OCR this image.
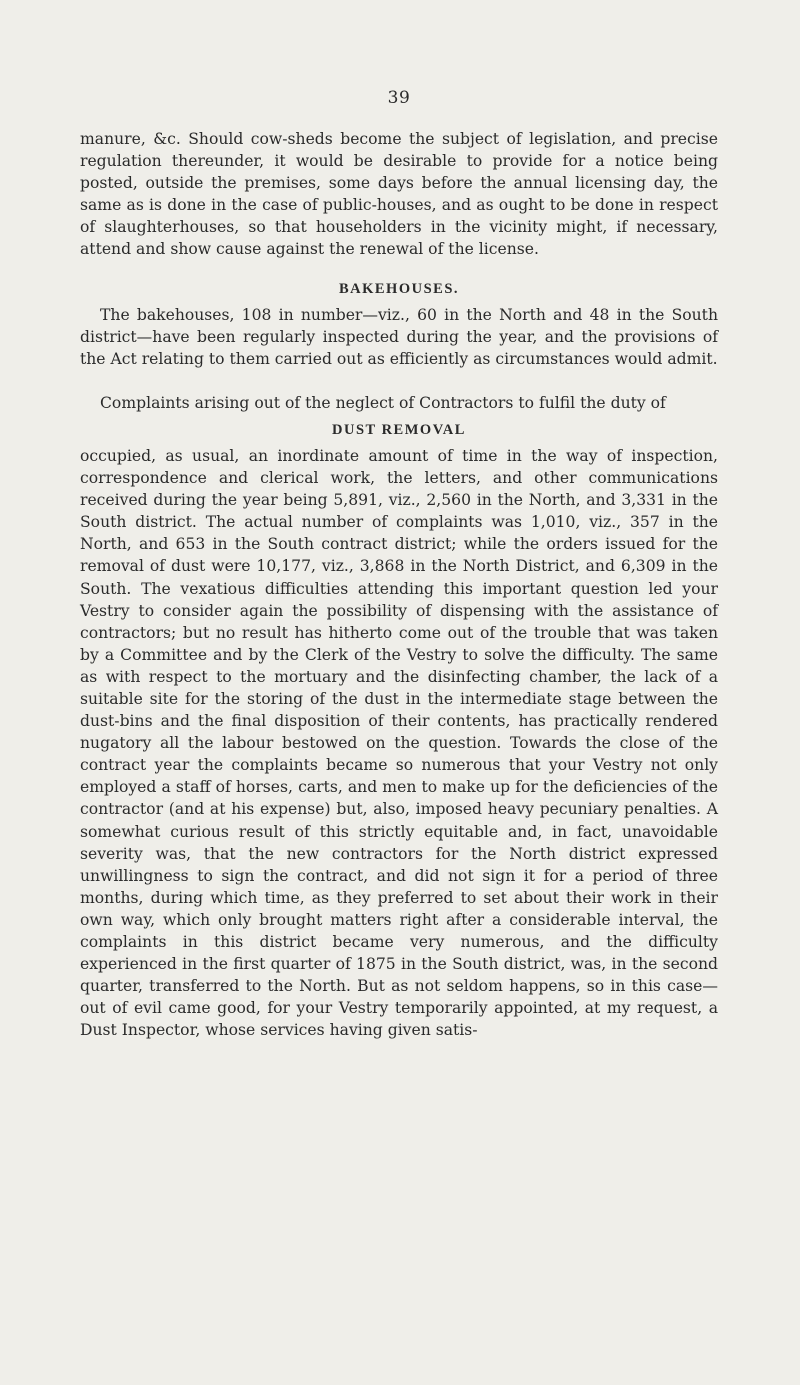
39

manure, &c. Should cow-sheds become the subject of legislation, and precise regulation thereunder, it would be desirable to provide for a notice being posted, outside the premises, some days before the annual licensing day, the same as is done in the case of public-houses, and as ought to be done in respect of slaughterhouses, so that householders in the vicinity might, if necessary, attend and show cause against the renewal of the license.

BAKEHOUSES.

The bakehouses, 108 in number—viz., 60 in the North and 48 in the South district—have been regularly inspected during the year, and the provisions of the Act relating to them carried out as efficiently as circumstances would admit.

Complaints arising out of the neglect of Contractors to fulfil the duty of

DUST REMOVAL

occupied, as usual, an inordinate amount of time in the way of inspection, correspondence and clerical work, the letters, and other communications received during the year being 5,891, viz., 2,560 in the North, and 3,331 in the South district. The actual number of complaints was 1,010, viz., 357 in the North, and 653 in the South contract district; while the orders issued for the removal of dust were 10,177, viz., 3,868 in the North District, and 6,309 in the South. The vexatious difficulties attending this important question led your Vestry to consider again the possibility of dispensing with the assistance of contractors; but no result has hitherto come out of the trouble that was taken by a Committee and by the Clerk of the Vestry to solve the difficulty. The same as with respect to the mortuary and the disinfecting chamber, the lack of a suitable site for the storing of the dust in the intermediate stage between the dust-bins and the final disposition of their contents, has practically rendered nugatory all the labour bestowed on the question. Towards the close of the contract year the complaints became so numerous that your Vestry not only employed a staff of horses, carts, and men to make up for the deficiencies of the contractor (and at his expense) but, also, imposed heavy pecuniary penalties. A somewhat curious result of this strictly equitable and, in fact, unavoidable severity was, that the new contractors for the North district expressed unwillingness to sign the contract, and did not sign it for a period of three months, during which time, as they preferred to set about their work in their own way, which only brought matters right after a considerable interval, the complaints in this district became very numerous, and the difficulty experienced in the first quarter of 1875 in the South district, was, in the second quarter, transferred to the North. But as not seldom happens, so in this case—out of evil came good, for your Vestry temporarily appointed, at my request, a Dust Inspector, whose services having given satis-
